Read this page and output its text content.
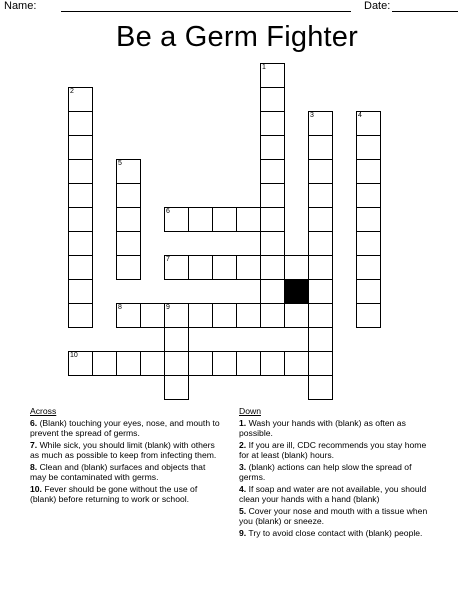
Name:	Date:
Be a Germ Fighter
1
2
3	4
5
6
7
8	9
10
Across
6. (Blank) touching your eyes, nose, and mouth to prevent the spread of germs.
7. While sick, you should limit (blank) with others as much as possible to keep from infecting them.
8. Clean and (blank) surfaces and objects that may be contaminated with germs.
10. Fever should be gone without the use of (blank) before returning to work or school.
Down
1. Wash your hands with (blank) as often as possible.
2. If you are ill, CDC recommends you stay home for at least (blank) hours.
3. (blank) actions can help slow the spread of germs.
4. If soap and water are not available, you should clean your hands with a hand (blank)
5. Cover your nose and mouth with a tissue when you (blank) or sneeze.
9. Try to avoid close contact with (blank) people.
